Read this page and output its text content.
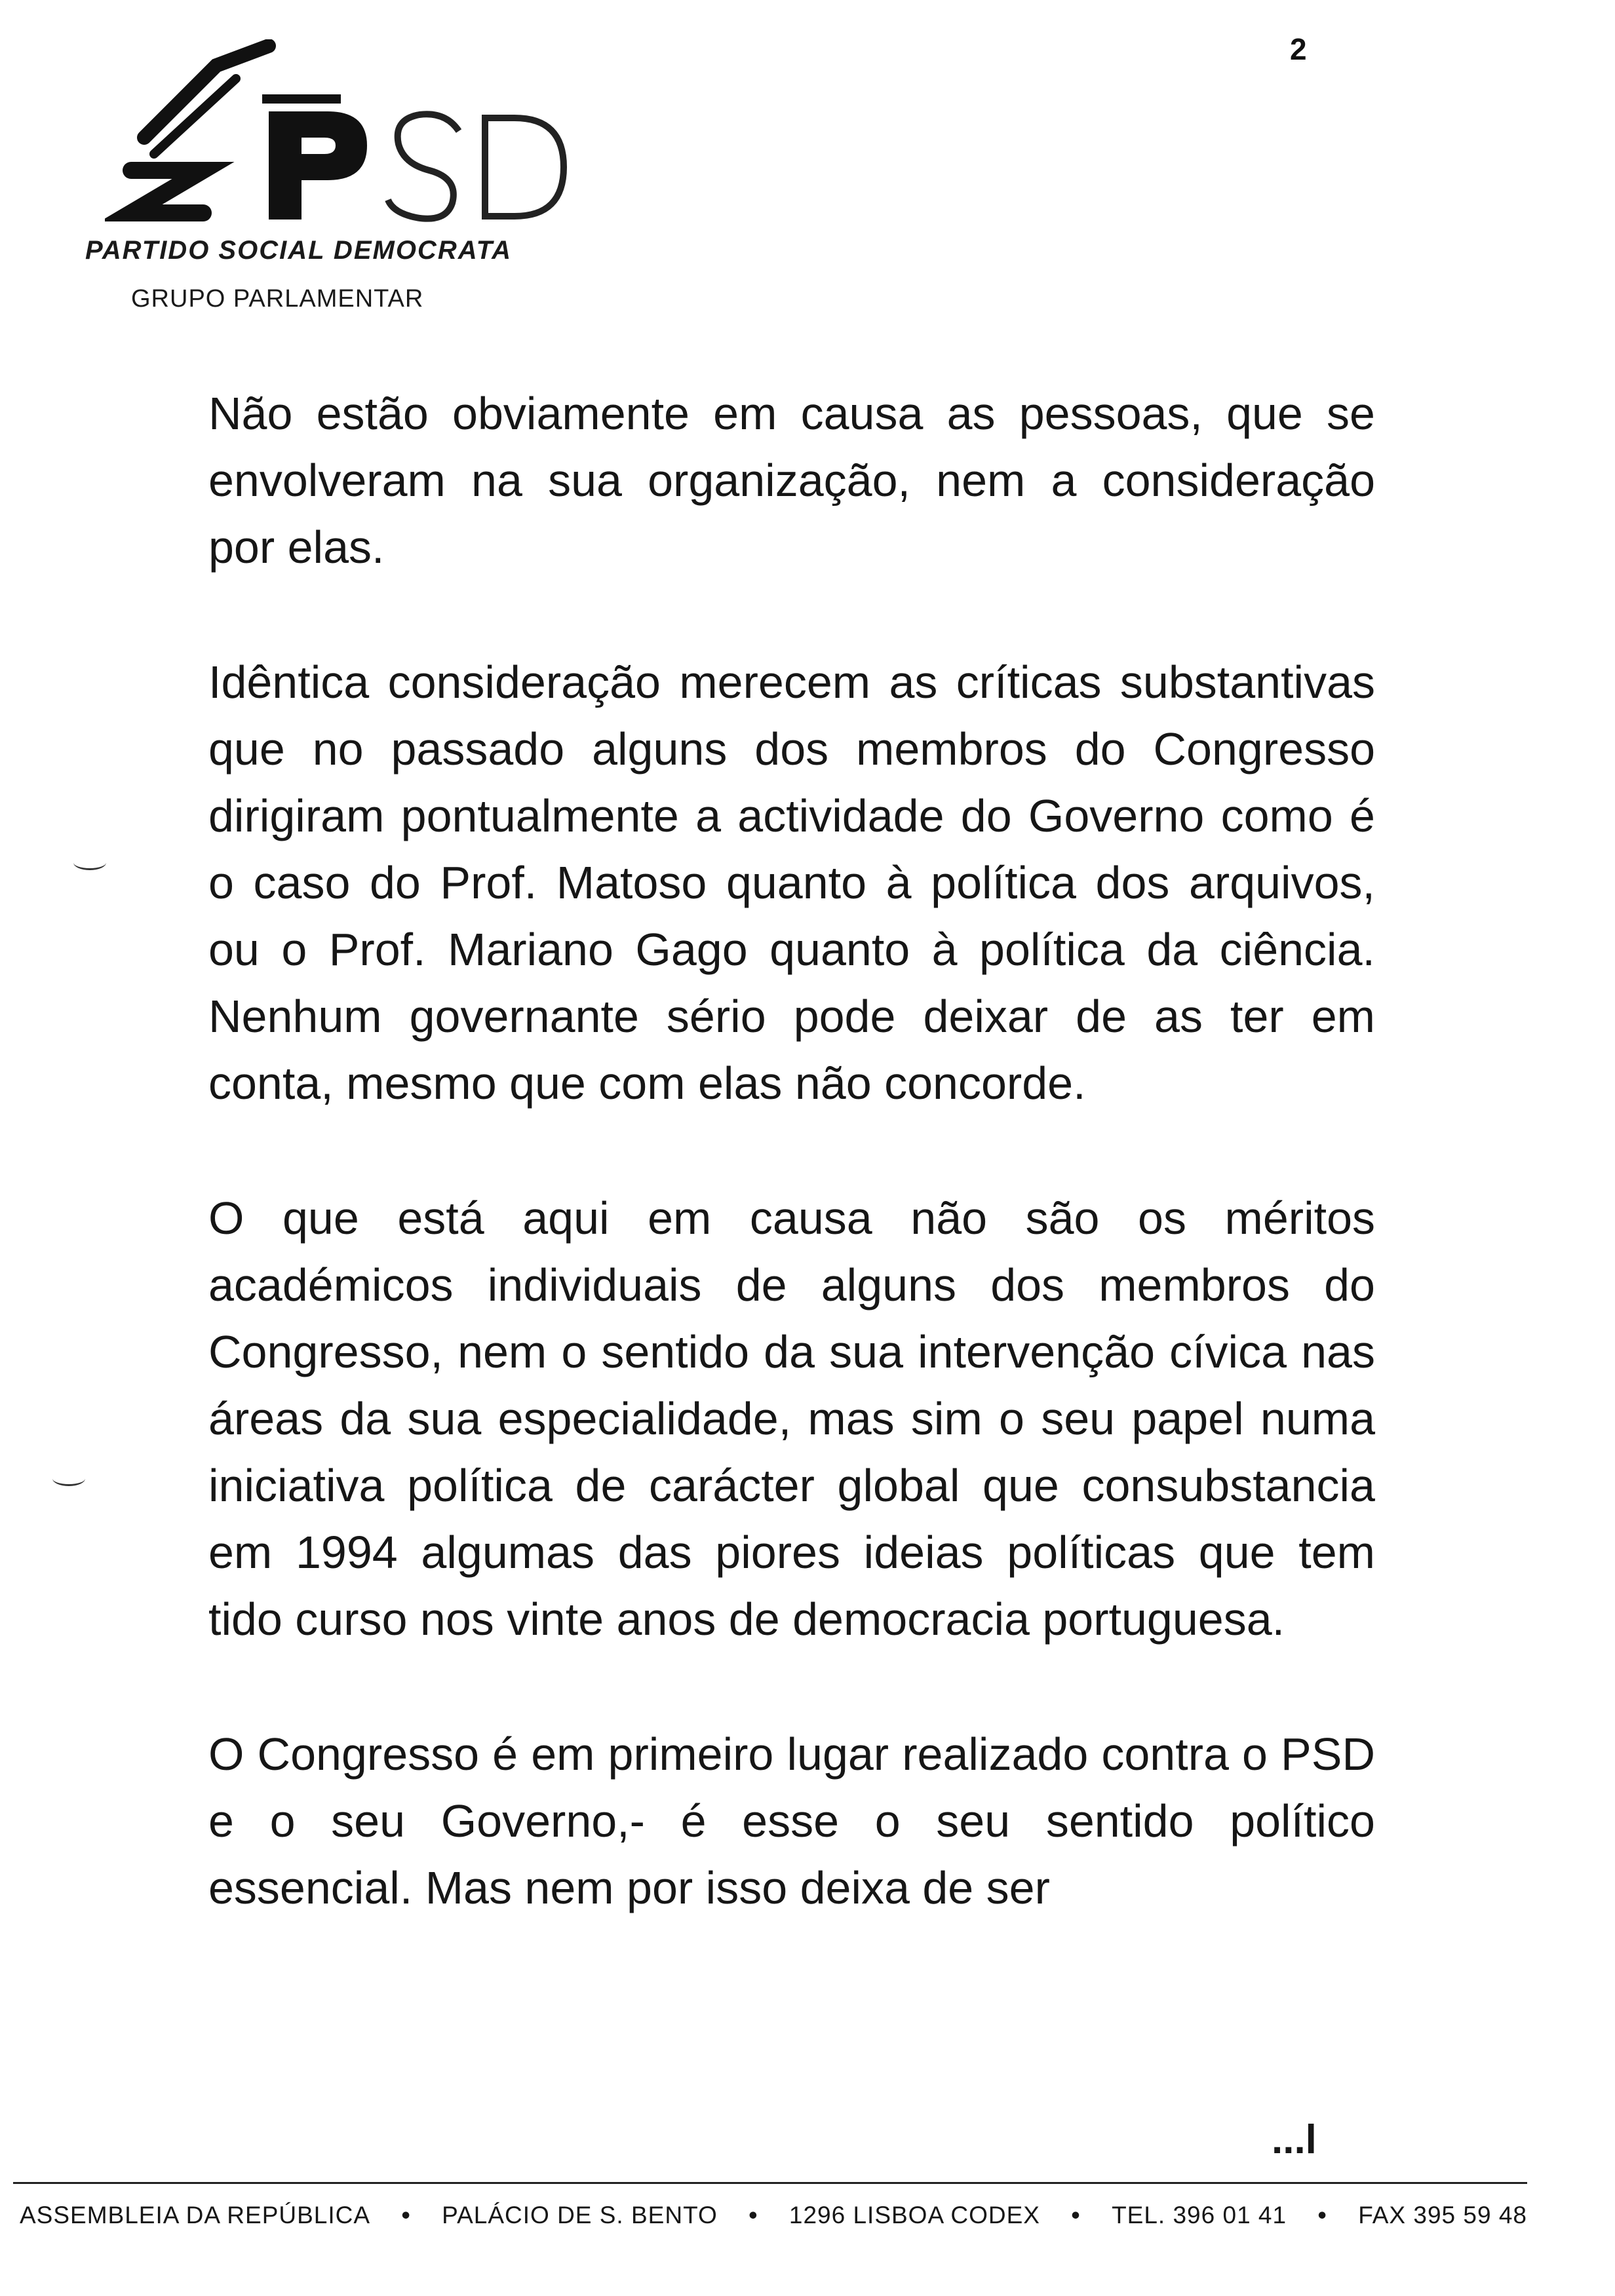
2
PARTIDO SOCIAL DEMOCRATA
GRUPO PARLAMENTAR

Não estão obviamente em causa as pessoas, que se envolveram na sua organização, nem a consideração por elas.

Idêntica consideração merecem as críticas substantivas que no passado alguns dos membros do Congresso dirigiram pontualmente a actividade do Governo como é o caso do Prof. Matoso quanto à política dos arquivos, ou o Prof. Mariano Gago quanto à política da ciência. Nenhum governante sério pode deixar de as ter em conta, mesmo que com elas não concorde.

O que está aqui em causa não são os méritos académicos individuais de alguns dos membros do Congresso, nem o sentido da sua intervenção cívica nas áreas da sua especialidade, mas sim o seu papel numa iniciativa política de carácter global que consubstancia em 1994 algumas das piores ideias políticas que tem tido curso nos vinte anos de democracia portuguesa.

O Congresso é em primeiro lugar realizado contra o PSD e o seu Governo,- é esse o seu sentido político essencial. Mas nem por isso deixa de ser

...l
ASSEMBLEIA DA REPÚBLICA • PALÁCIO DE S. BENTO • 1296 LISBOA CODEX • TEL. 396 01 41 • FAX 395 59 48
